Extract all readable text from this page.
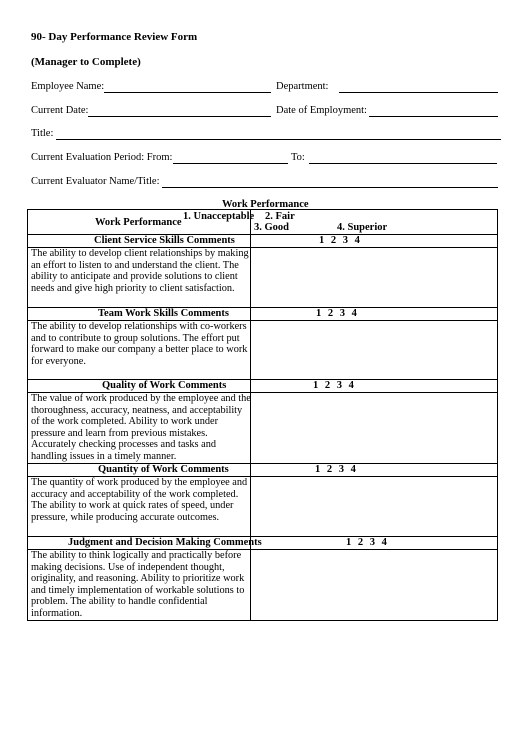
90- Day Performance Review Form
(Manager to Complete)
Employee Name:	Department:
Current Date:	Date of Employment:
Title:
Current Evaluation Period: From:	To:
Current Evaluator Name/Title:
Work Performance
Work Performance
1. Unacceptable 2. Fair
3. Good	4. Superior
Client Service Skills Comments	1 2 3 4
The ability to develop client relationships by making an effort to listen to and understand the client. The ability to anticipate and provide solutions to client needs and give high priority to client satisfaction.
Team Work Skills Comments	1 2 3 4
The ability to develop relationships with co-workers and to contribute to group solutions. The effort put forward to make our company a better place to work for everyone.
Quality of Work Comments	1 2 3 4
The value of work produced by the employee and the thoroughness, accuracy, neatness, and acceptability of the work completed. Ability to work under pressure and learn from previous mistakes. Accurately checking processes and tasks and handling issues in a timely manner.
Quantity of Work Comments	1 2 3 4
The quantity of work produced by the employee and accuracy and acceptability of the work completed. The ability to work at quick rates of speed, under pressure, while producing accurate outcomes.
Judgment and Decision Making Comments	1 2 3 4
The ability to think logically and practically before making decisions. Use of independent thought, originality, and reasoning. Ability to prioritize work and timely implementation of workable solutions to problem. The ability to handle confidential information.
